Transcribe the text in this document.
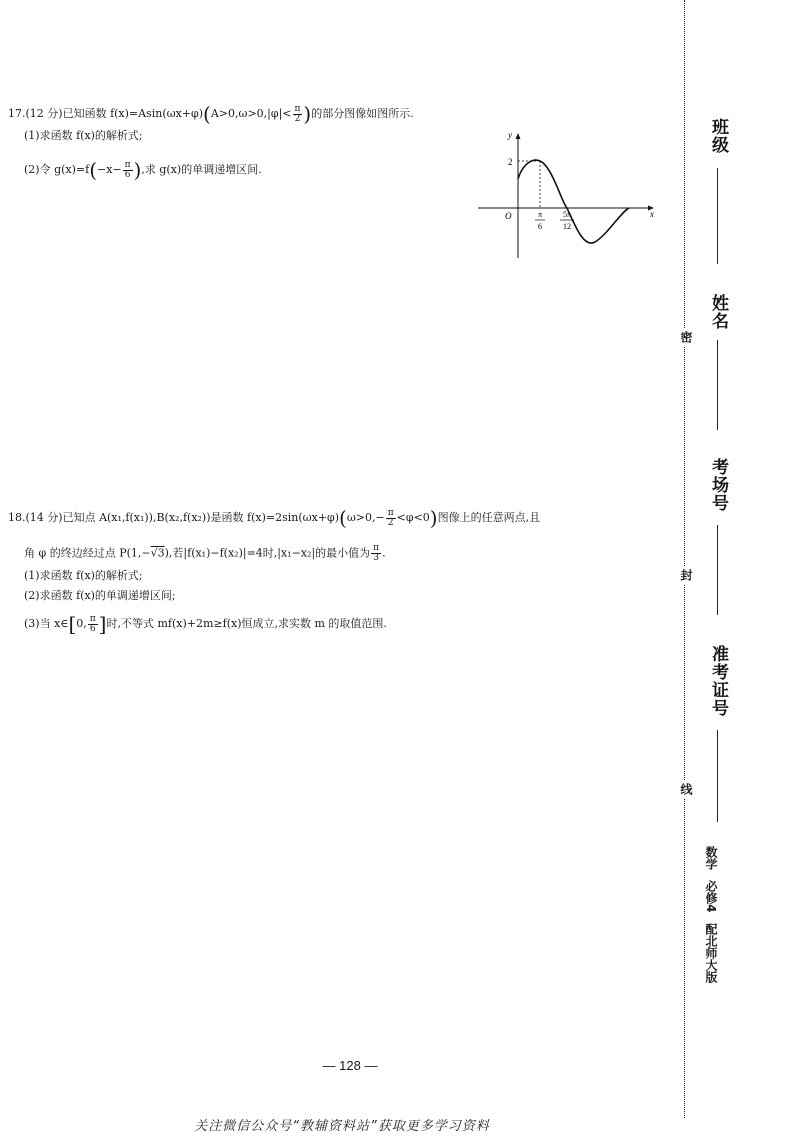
17.(12 分)已知函数 $f(x)=Asin(\omega x+\varphi)(A>0,\omega>0,|\varphi|< \frac{\pi}{2}$ )的部分图像如图所示.
(1)求函数 f(x)的解析式;
(2)令 $g(x)=f(-x- \frac{\pi}{6}$ ),求 g(x)的单调递增区间.
y
x
O
2
π
6
5π
12
18.(14 分)已知点 A(x₁,f(x₁)),B(x₂,f(x₂))是函数 $f(x)=2\sin(\omega x+\varphi)(\omega>0,- \frac{\pi}{2} <\varphi<0)$图像上的任意两点,且
角 φ 的终边经过点 P(1,−√3),若|f(x₁)−f(x₂)|=4时,|x₁−x₂|的最小值为 $\frac{\pi}{3}$ .
(1)求函数 f(x)的解析式;
(2)求函数 f(x)的单调递增区间;
(3)当 x∈[0, $\frac{\pi}{6}$ ]时,不等式 mf(x)+2m≥f(x)恒成立,求实数 m 的取值范围.
密
封
线
班级
姓名
考场号
准考证号
数学 必修4 配北师大版
— 128 —
关注微信公众号“教辅资料站”获取更多学习资料
